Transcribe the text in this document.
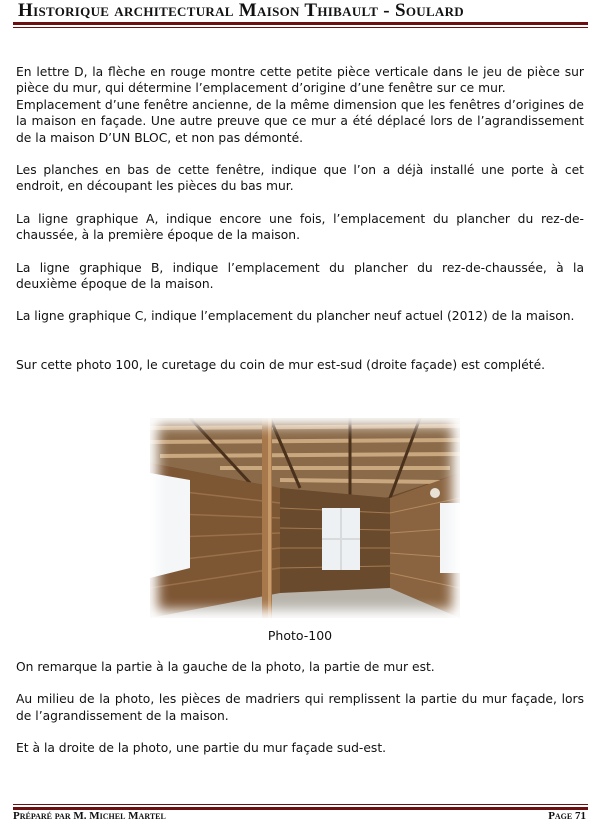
Historique architectural Maison Thibault - Soulard

En lettre D, la flèche en rouge montre cette petite pièce verticale dans le jeu de pièce sur pièce du mur, qui détermine l’emplacement d’origine d’une fenêtre sur ce mur.

Emplacement d’une fenêtre ancienne, de la même dimension que les fenêtres d’origines de la maison en façade. Une autre preuve que ce mur a été déplacé lors de l’agrandissement de la maison D’UN BLOC, et non pas démonté.

Les planches en bas de cette fenêtre, indique que l’on a déjà installé une porte à cet endroit, en découpant les pièces du bas mur.

La ligne graphique A, indique encore une fois, l’emplacement du plancher du rez-de-chaussée, à la première époque de la maison.

La ligne graphique B, indique l’emplacement du plancher du rez-de-chaussée, à la deuxième époque de la maison.

La ligne graphique C, indique l’emplacement du plancher neuf actuel (2012) de la maison.

Sur cette photo 100, le curetage du coin de mur est-sud (droite façade) est complété.

Photo-100

On remarque la partie à la gauche de la photo, la partie de mur est.

Au milieu de la photo, les pièces de madriers qui remplissent la partie du mur façade, lors de l’agrandissement de la maison.

Et à la droite de la photo, une partie du mur façade sud-est.

Préparé par M. Michel Martel	Page 71
